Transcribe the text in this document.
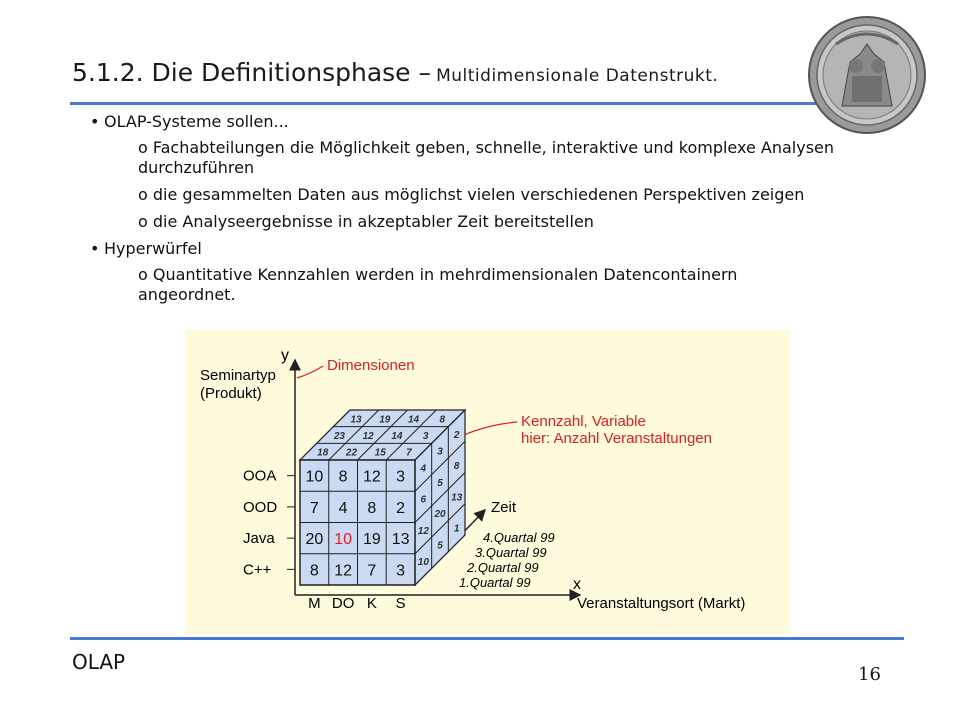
5.1.2. Die Definitionsphase – Multidimensionale Datenstrukt.
• OLAP-Systeme sollen...
o Fachabteilungen die Möglichkeit geben, schnelle, interaktive und komplexe Analysen durchzuführen
o die gesammelten Daten aus möglichst vielen verschiedenen Perspektiven zeigen
o die Analyseergebnisse in akzeptabler Zeit bereitstellen
• Hyperwürfel
o Quantitative Kennzahlen werden in mehrdimensionalen Datencontainern angeordnet.
y
Seminartyp
(Produkt)
Dimensionen
Kennzahl, Variable
hier: Anzahl Veranstaltungen
Zeit
x
Veranstaltungsort (Markt)
10 8 12 3
7 4 8 2
20 10 19 13
8 12 7 3
18 22 15 7
23 12 14 3
13 19 14 8
4
6
12
10
3
5
20
5
2
8
13
1
OOA
OOD
Java
C++
M DO K S
4.Quartal 99
3.Quartal 99
2.Quartal 99
1.Quartal 99
OLAP
16
